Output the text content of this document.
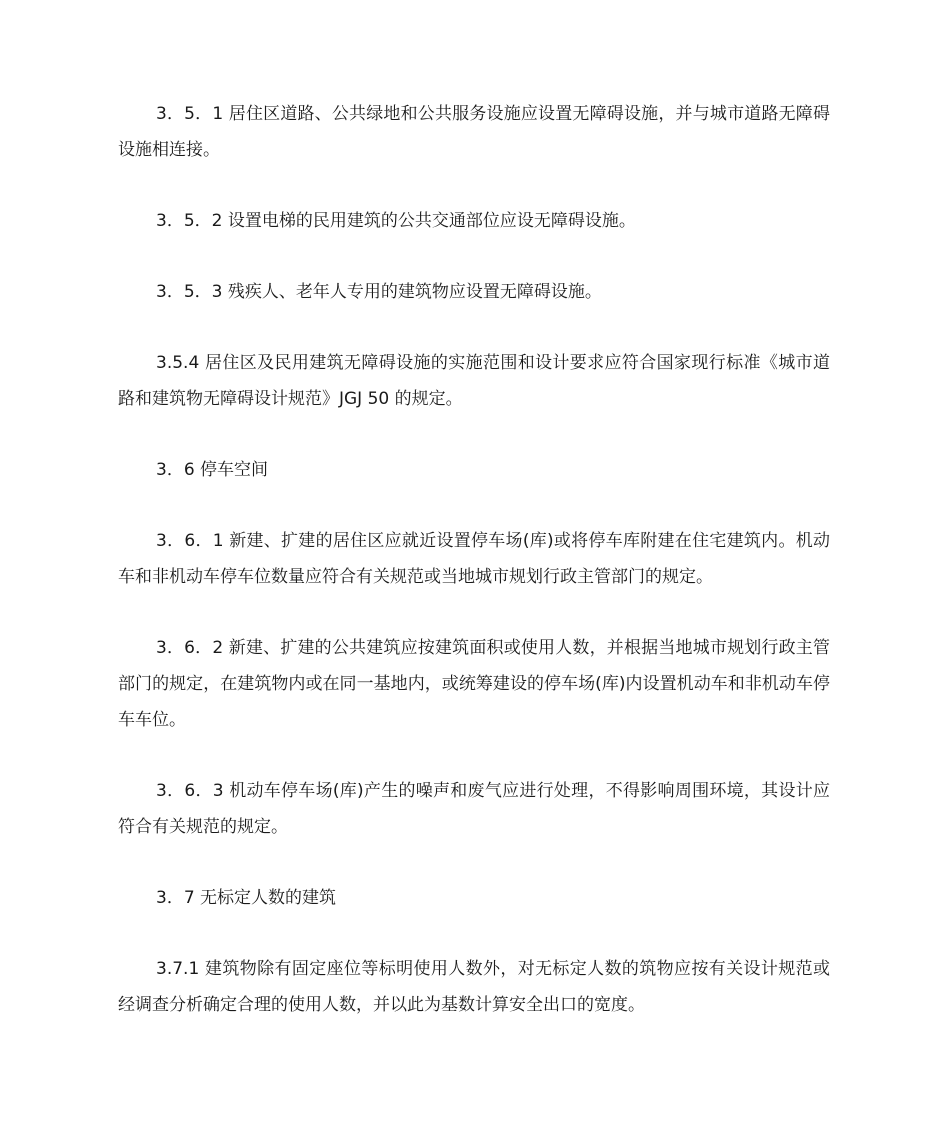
3．5．1 居住区道路、公共绿地和公共服务设施应设置无障碍设施，并与城市道路无障碍设施相连接。

3．5．2 设置电梯的民用建筑的公共交通部位应设无障碍设施。

3．5．3 残疾人、老年人专用的建筑物应设置无障碍设施。

3.5.4 居住区及民用建筑无障碍设施的实施范围和设计要求应符合国家现行标准《城市道路和建筑物无障碍设计规范》JGJ 50 的规定。

3．6 停车空间

3．6．1 新建、扩建的居住区应就近设置停车场(库)或将停车库附建在住宅建筑内。机动车和非机动车停车位数量应符合有关规范或当地城市规划行政主管部门的规定。

3．6．2 新建、扩建的公共建筑应按建筑面积或使用人数，并根据当地城市规划行政主管部门的规定，在建筑物内或在同一基地内，或统筹建设的停车场(库)内设置机动车和非机动车停车车位。

3．6．3 机动车停车场(库)产生的噪声和废气应进行处理，不得影响周围环境，其设计应符合有关规范的规定。

3．7 无标定人数的建筑

3.7.1 建筑物除有固定座位等标明使用人数外，对无标定人数的筑物应按有关设计规范或经调查分析确定合理的使用人数，并以此为基数计算安全出口的宽度。
